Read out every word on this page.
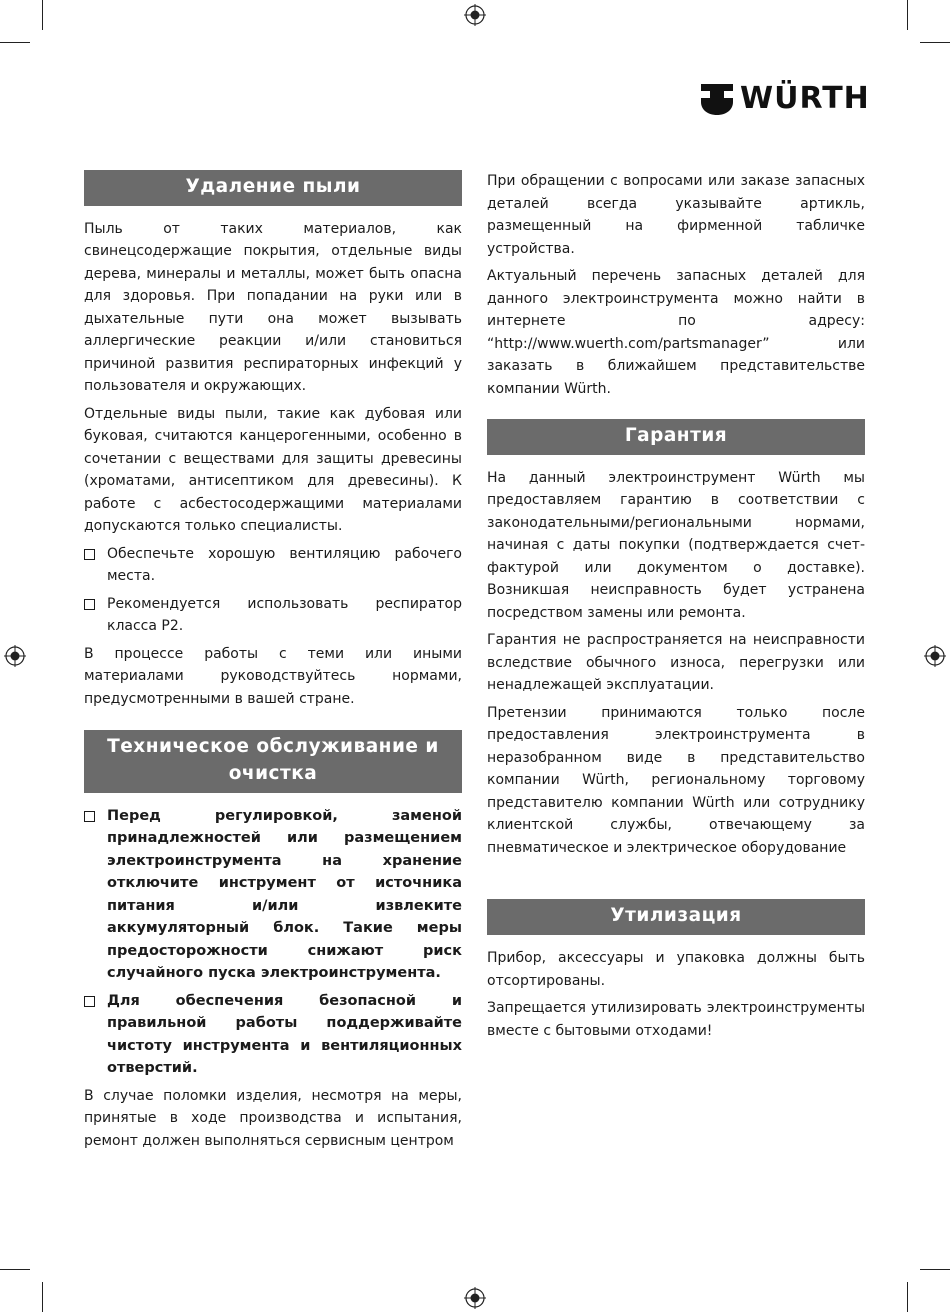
WÜRTH
Удаление пыли

Пыль от таких материалов, как свинецсодержащие покрытия, отдельные виды дерева, минералы и металлы, может быть опасна для здоровья. При попадании на руки или в дыхательные пути она может вызывать аллергические реакции и/или становиться причиной развития респираторных инфекций у пользователя и окружающих.

Отдельные виды пыли, такие как дубовая или буковая, считаются канцерогенными, особенно в сочетании с веществами для защиты древесины (хроматами, антисептиком для древесины). К работе с асбестосодержащими материалами допускаются только специалисты.

Обеспечьте хорошую вентиляцию рабочего места.

Рекомендуется использовать респиратор класса P2.

В процессе работы с теми или иными материалами руководствуйтесь нормами, предусмотренными в вашей стране.

Техническое обслуживание и очистка

Перед регулировкой, заменой принадлежностей или размещением электроинструмента на хранение отключите инструмент от источника питания и/или извлеките аккумуляторный блок. Такие меры предосторожности снижают риск случайного пуска электроинструмента.

Для обеспечения безопасной и правильной работы поддерживайте чистоту инструмента и вентиляционных отверстий.

В случае поломки изделия, несмотря на меры, принятые в ходе производства и испытания, ремонт должен выполняться сервисным центром

При обращении с вопросами или заказе запасных деталей всегда указывайте артикль, размещенный на фирменной табличке устройства.

Актуальный перечень запасных деталей для данного электроинструмента можно найти в интернете по адресу: “http://www.wuerth.com/partsmanager” или заказать в ближайшем представительстве компании Würth.

Гарантия

На данный электроинструмент Würth мы предоставляем гарантию в соответствии с законодательными/региональными нормами, начиная с даты покупки (подтверждается счет-фактурой или документом о доставке). Возникшая неисправность будет устранена посредством замены или ремонта.

Гарантия не распространяется на неисправности вследствие обычного износа, перегрузки или ненадлежащей эксплуатации.

Претензии принимаются только после предоставления электроинструмента в неразобранном виде в представительство компании Würth, региональному торговому представителю компании Würth или сотруднику клиентской службы, отвечающему за пневматическое и электрическое оборудование

Утилизация

Прибор, аксессуары и упаковка должны быть отсортированы.

Запрещается утилизировать электроинструменты вместе с бытовыми отходами!
